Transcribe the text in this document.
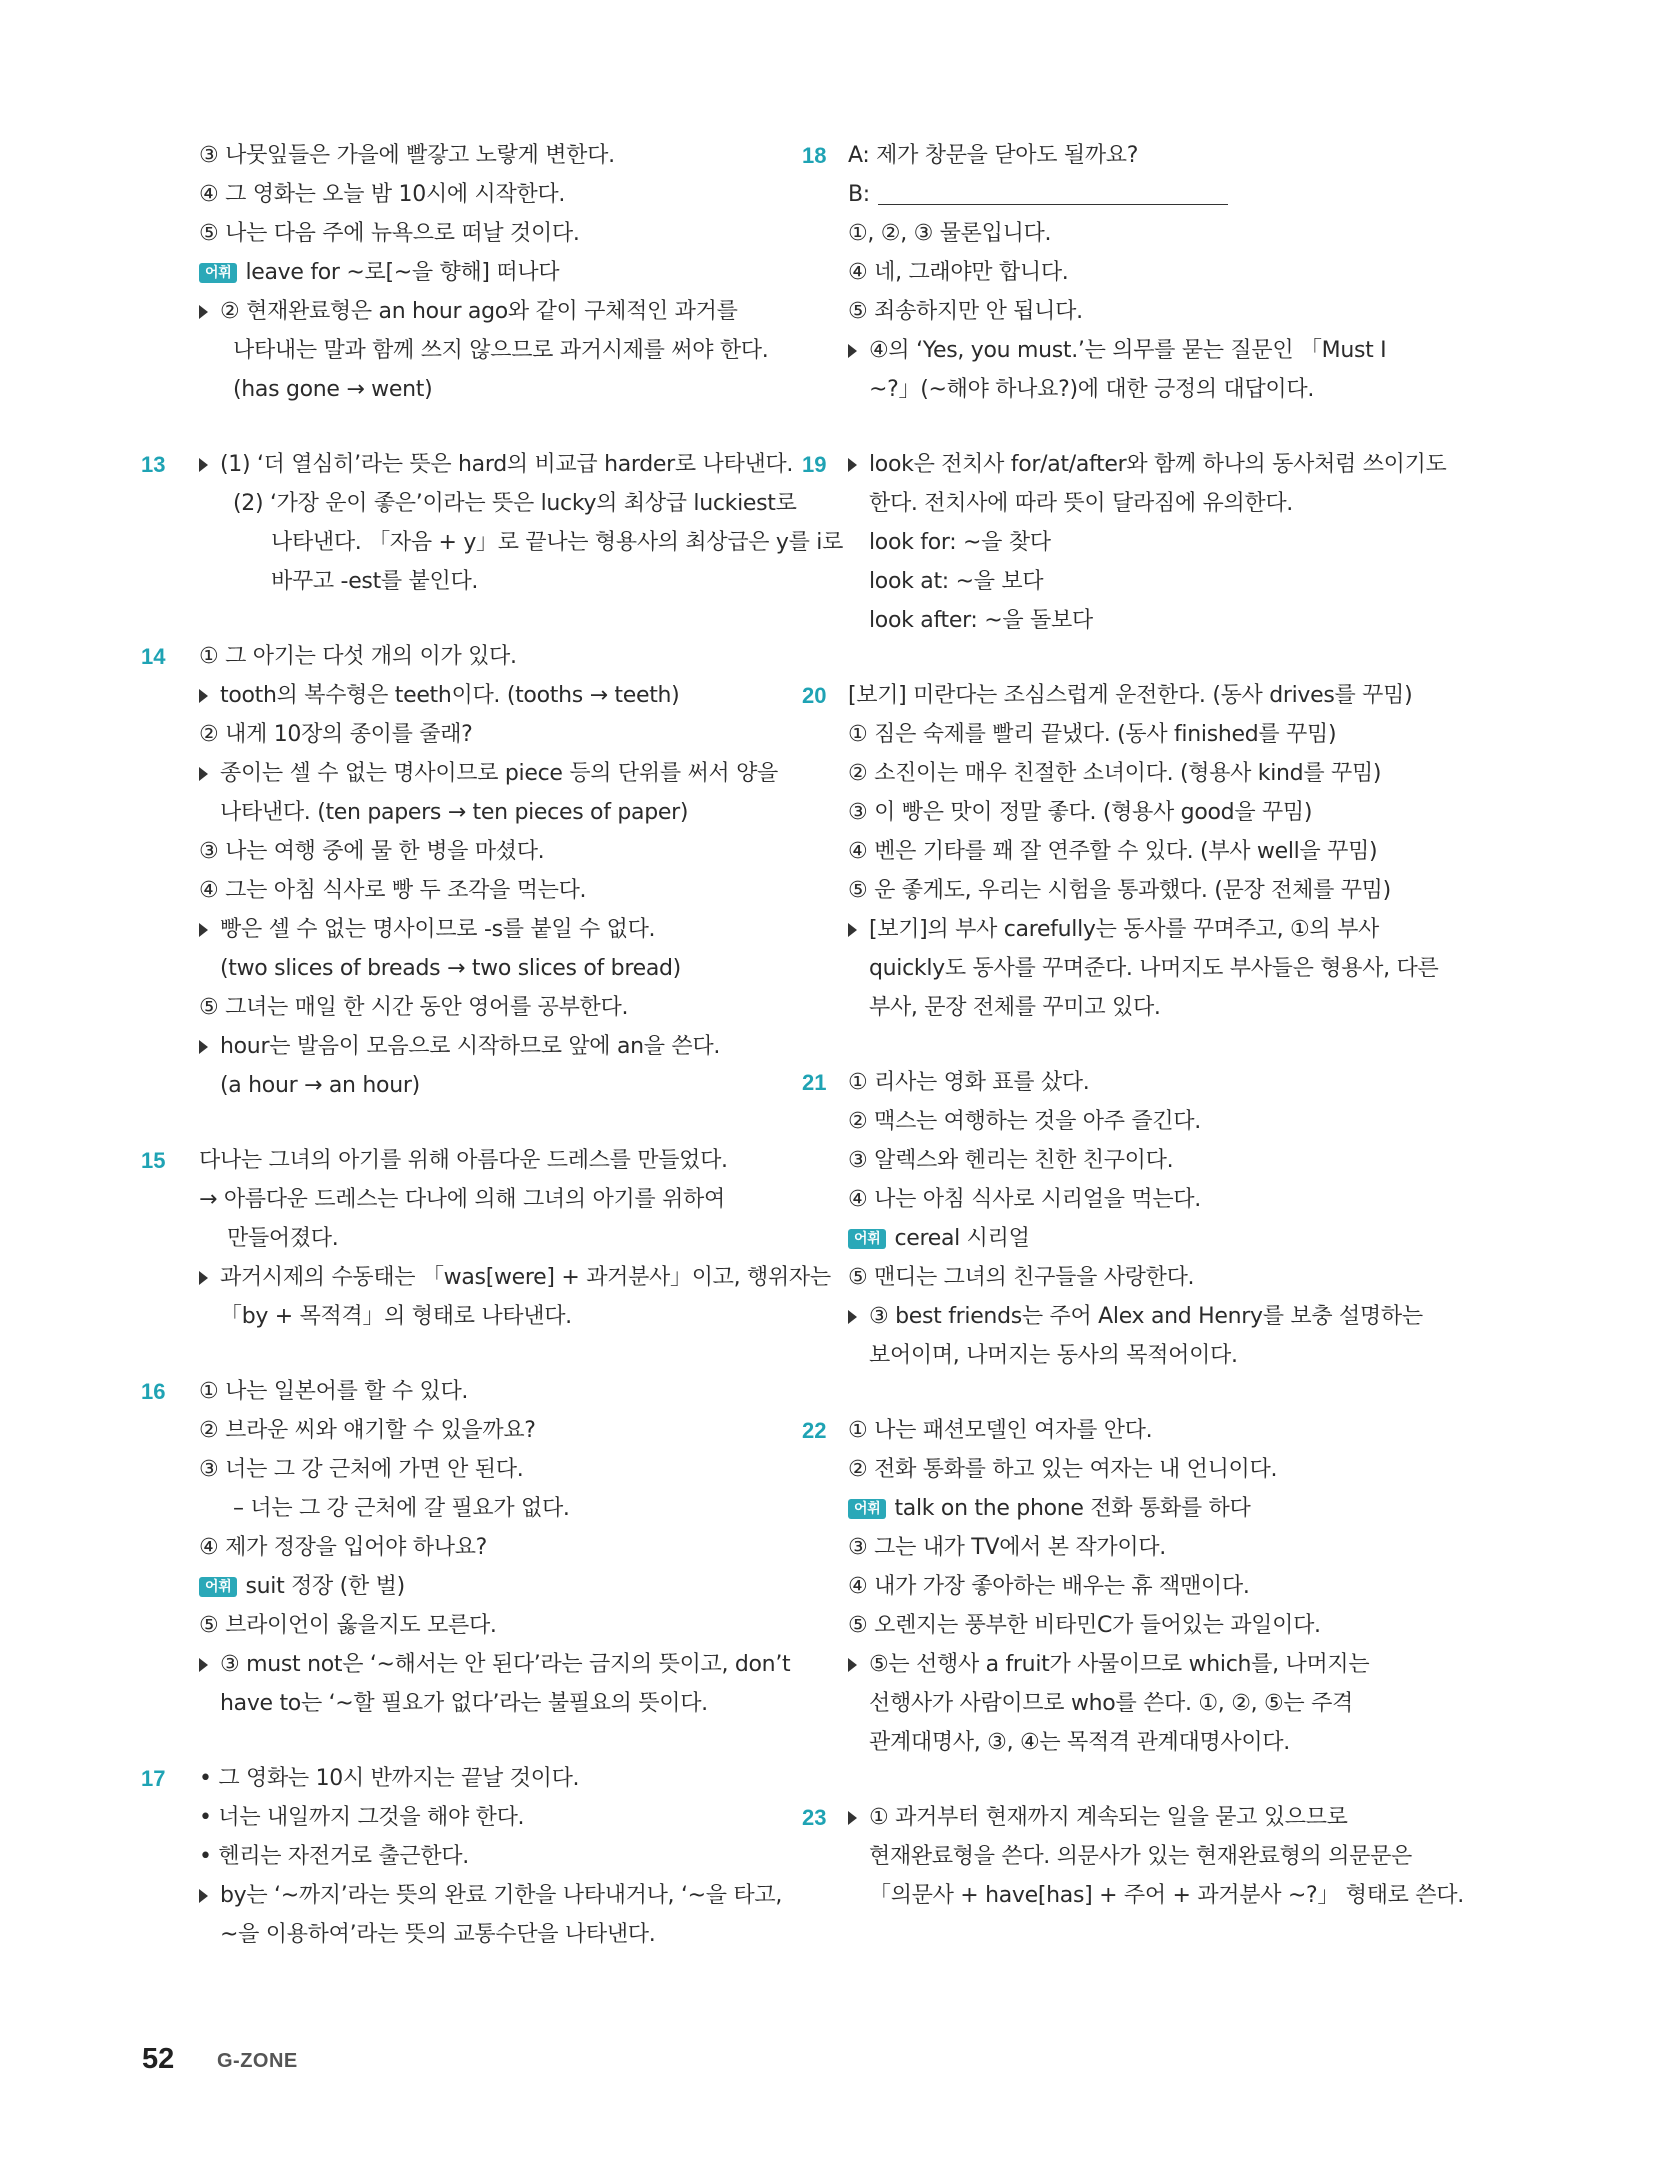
③ 나뭇잎들은 가을에 빨갛고 노랗게 변한다.
④ 그 영화는 오늘 밤 10시에 시작한다.
⑤ 나는 다음 주에 뉴욕으로 떠날 것이다.
어휘 leave for ~로[~을 향해] 떠나다
② 현재완료형은 an hour ago와 같이 구체적인 과거를
나타내는 말과 함께 쓰지 않으므로 과거시제를 써야 한다.
(has gone → went)
13	(1) ‘더 열심히’라는 뜻은 hard의 비교급 harder로 나타낸다.
(2) ‘가장 운이 좋은’이라는 뜻은 lucky의 최상급 luckiest로
나타낸다. 「자음 + y」로 끝나는 형용사의 최상급은 y를 i로
바꾸고 -est를 붙인다.
14	① 그 아기는 다섯 개의 이가 있다.
tooth의 복수형은 teeth이다. (tooths → teeth)
② 내게 10장의 종이를 줄래?
종이는 셀 수 없는 명사이므로 piece 등의 단위를 써서 양을
나타낸다. (ten papers → ten pieces of paper)
③ 나는 여행 중에 물 한 병을 마셨다.
④ 그는 아침 식사로 빵 두 조각을 먹는다.
빵은 셀 수 없는 명사이므로 -s를 붙일 수 없다.
(two slices of breads → two slices of bread)
⑤ 그녀는 매일 한 시간 동안 영어를 공부한다.
hour는 발음이 모음으로 시작하므로 앞에 an을 쓴다.
(a hour → an hour)
15	다나는 그녀의 아기를 위해 아름다운 드레스를 만들었다.
→ 아름다운 드레스는 다나에 의해 그녀의 아기를 위하여
만들어졌다.
과거시제의 수동태는 「was[were] + 과거분사」이고, 행위자는
「by + 목적격」의 형태로 나타낸다.
16	① 나는 일본어를 할 수 있다.
② 브라운 씨와 얘기할 수 있을까요?
③ 너는 그 강 근처에 가면 안 된다.
– 너는 그 강 근처에 갈 필요가 없다.
④ 제가 정장을 입어야 하나요?
어휘 suit 정장 (한 벌)
⑤ 브라이언이 옳을지도 모른다.
③ must not은 ‘~해서는 안 된다’라는 금지의 뜻이고, don’t
have to는 ‘~할 필요가 없다’라는 불필요의 뜻이다.
17	• 그 영화는 10시 반까지는 끝날 것이다.
• 너는 내일까지 그것을 해야 한다.
• 헨리는 자전거로 출근한다.
by는 ‘~까지’라는 뜻의 완료 기한을 나타내거나, ‘~을 타고,
~을 이용하여’라는 뜻의 교통수단을 나타낸다.
18 A: 제가 창문을 닫아도 될까요?
B:
①, ②, ③ 물론입니다.
④ 네, 그래야만 합니다.
⑤ 죄송하지만 안 됩니다.
④의 ‘Yes, you must.’는 의무를 묻는 질문인 「Must I
~?」(~해야 하나요?)에 대한 긍정의 대답이다.
19	look은 전치사 for/at/after와 함께 하나의 동사처럼 쓰이기도
한다. 전치사에 따라 뜻이 달라짐에 유의한다.
look for: ~을 찾다
look at: ~을 보다
look after: ~을 돌보다
20 [보기] 미란다는 조심스럽게 운전한다. (동사 drives를 꾸밈)
① 짐은 숙제를 빨리 끝냈다. (동사 finished를 꾸밈)
② 소진이는 매우 친절한 소녀이다. (형용사 kind를 꾸밈)
③ 이 빵은 맛이 정말 좋다. (형용사 good을 꾸밈)
④ 벤은 기타를 꽤 잘 연주할 수 있다. (부사 well을 꾸밈)
⑤ 운 좋게도, 우리는 시험을 통과했다. (문장 전체를 꾸밈)
[보기]의 부사 carefully는 동사를 꾸며주고, ①의 부사
quickly도 동사를 꾸며준다. 나머지도 부사들은 형용사, 다른
부사, 문장 전체를 꾸미고 있다.
21 ① 리사는 영화 표를 샀다.
② 맥스는 여행하는 것을 아주 즐긴다.
③ 알렉스와 헨리는 친한 친구이다.
④ 나는 아침 식사로 시리얼을 먹는다.
어휘 cereal 시리얼
⑤ 맨디는 그녀의 친구들을 사랑한다.
③ best friends는 주어 Alex and Henry를 보충 설명하는
보어이며, 나머지는 동사의 목적어이다.
22 ① 나는 패션모델인 여자를 안다.
② 전화 통화를 하고 있는 여자는 내 언니이다.
어휘 talk on the phone 전화 통화를 하다
③ 그는 내가 TV에서 본 작가이다.
④ 내가 가장 좋아하는 배우는 휴 잭맨이다.
⑤ 오렌지는 풍부한 비타민C가 들어있는 과일이다.
⑤는 선행사 a fruit가 사물이므로 which를, 나머지는
선행사가 사람이므로 who를 쓴다. ①, ②, ⑤는 주격
관계대명사, ③, ④는 목적격 관계대명사이다.
23	① 과거부터 현재까지 계속되는 일을 묻고 있으므로
현재완료형을 쓴다. 의문사가 있는 현재완료형의 의문문은
「의문사 + have[has] + 주어 + 과거분사 ~?」 형태로 쓴다.
52 G-ZONE
